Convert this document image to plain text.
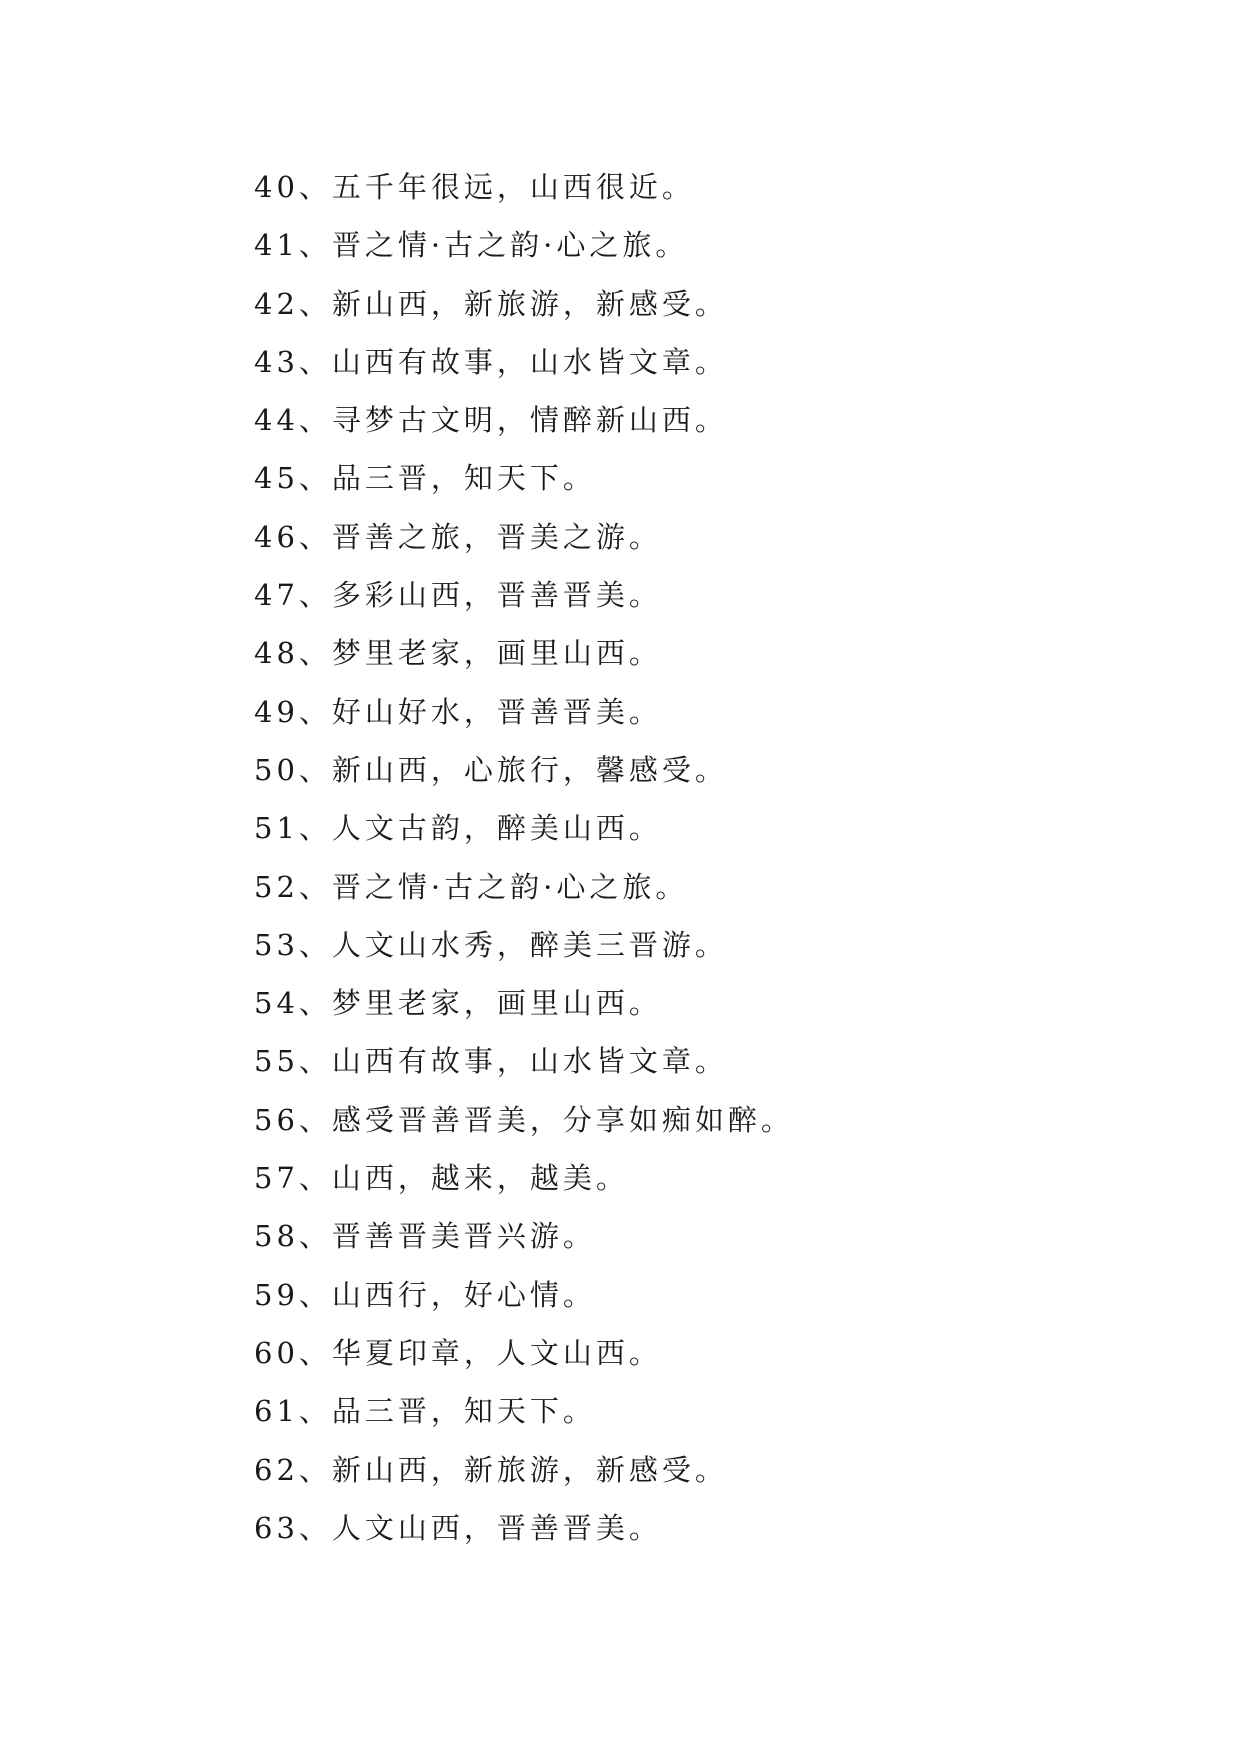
40、五千年很远，山西很近。
41、晋之情·古之韵·心之旅。
42、新山西，新旅游，新感受。
43、山西有故事，山水皆文章。
44、寻梦古文明，情醉新山西。
45、品三晋，知天下。
46、晋善之旅，晋美之游。
47、多彩山西，晋善晋美。
48、梦里老家，画里山西。
49、好山好水，晋善晋美。
50、新山西，心旅行，馨感受。
51、人文古韵，醉美山西。
52、晋之情·古之韵·心之旅。
53、人文山水秀，醉美三晋游。
54、梦里老家，画里山西。
55、山西有故事，山水皆文章。
56、感受晋善晋美，分享如痴如醉。
57、山西，越来，越美。
58、晋善晋美晋兴游。
59、山西行，好心情。
60、华夏印章，人文山西。
61、品三晋，知天下。
62、新山西，新旅游，新感受。
63、人文山西，晋善晋美。
